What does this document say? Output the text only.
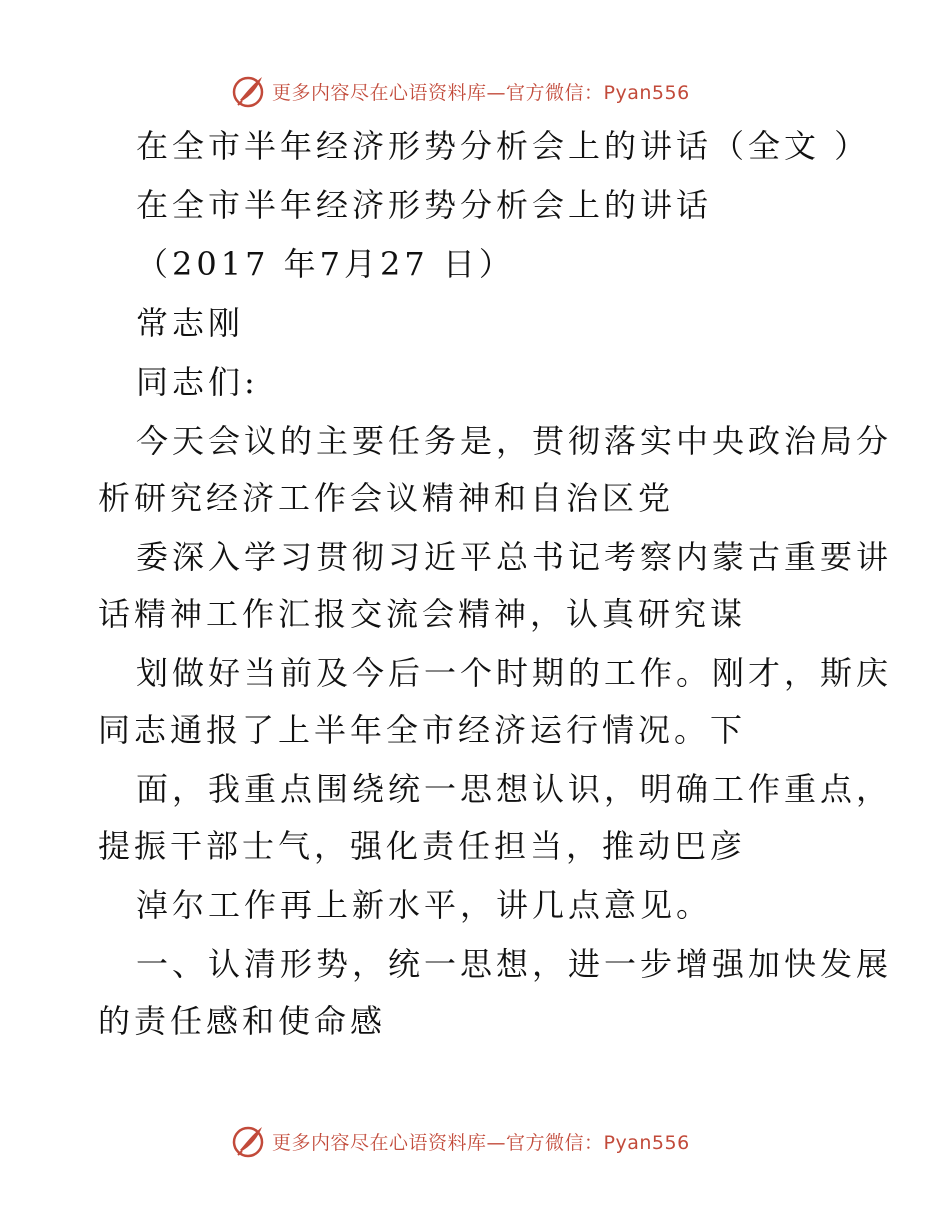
更多内容尽在心语资料库—官方微信：Pyan556
在全市半年经济形势分析会上的讲话（全文 ）
在全市半年经济形势分析会上的讲话
（2017 年7月27 日）
常志刚
同志们:
今天会议的主要任务是，贯彻落实中央政治局分
析研究经济工作会议精神和自治区党
委深入学习贯彻习近平总书记考察内蒙古重要讲
话精神工作汇报交流会精神，认真研究谋
划做好当前及今后一个时期的工作。刚才，斯庆
同志通报了上半年全市经济运行情况。下
面，我重点围绕统一思想认识，明确工作重点，
提振干部士气，强化责任担当，推动巴彦
淖尔工作再上新水平，讲几点意见。
一、认清形势，统一思想，进一步增强加快发展
的责任感和使命感
更多内容尽在心语资料库—官方微信：Pyan556
